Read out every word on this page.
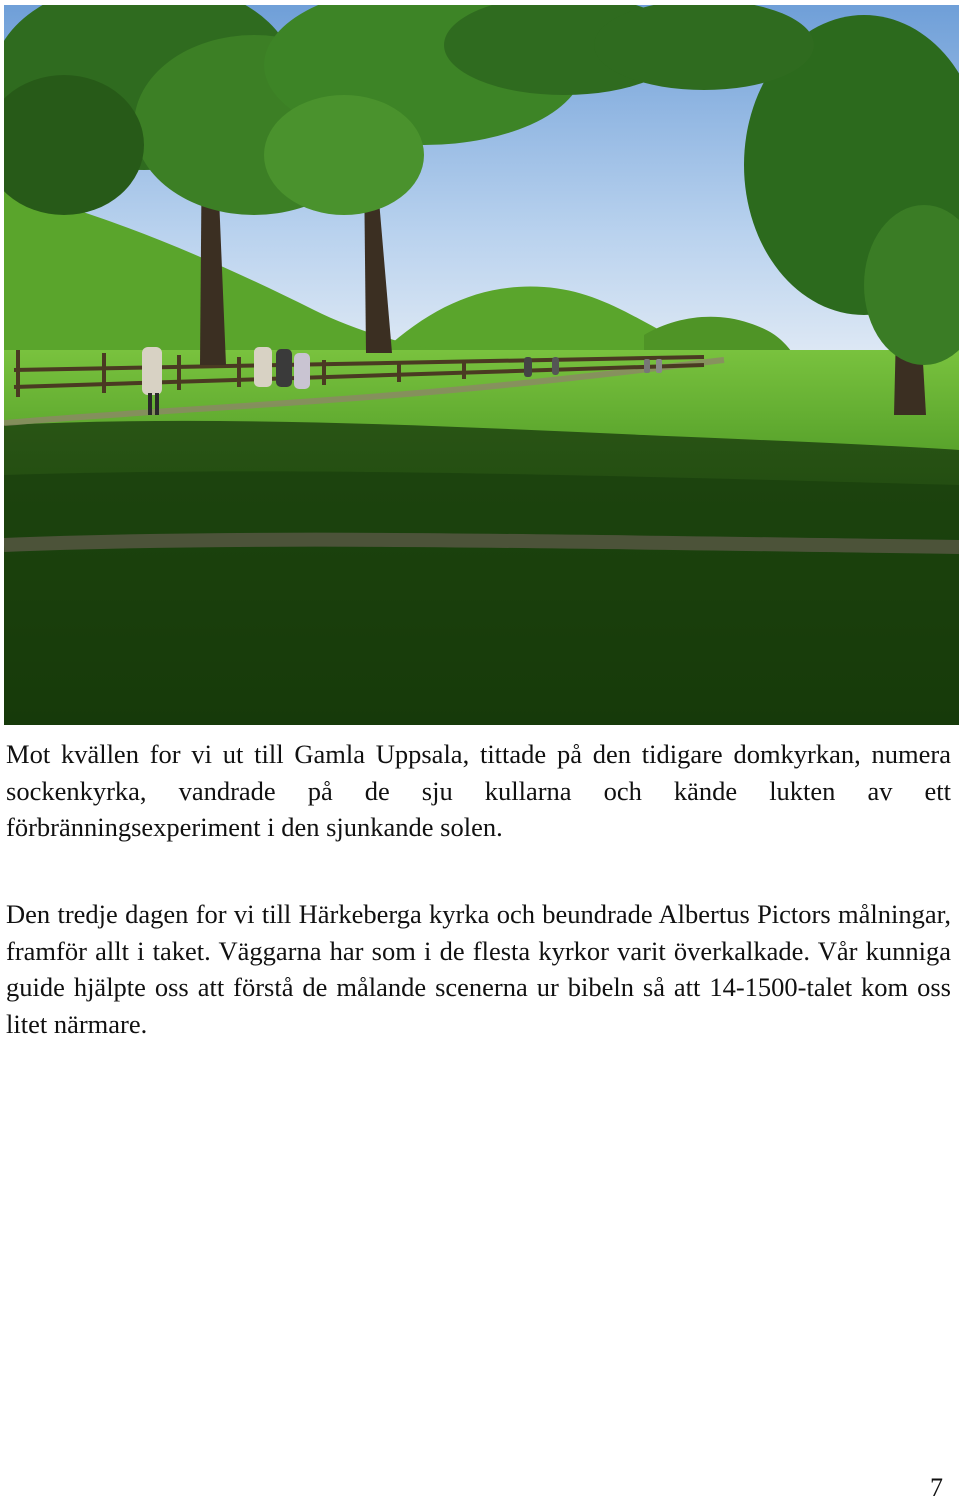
Mot kvällen for vi ut till Gamla Uppsala, tittade på den tidigare domkyrkan, numera sockenkyrka, vandrade på de sju kullarna och kände lukten av ett förbränningsexperiment i den sjunkande solen.

Den tredje dagen for vi till Härkeberga kyrka och beundrade Albertus Pictors målningar, framför allt i taket. Väggarna har som i de flesta kyrkor varit överkalkade. Vår kunniga guide hjälpte oss att förstå de målande scenerna ur bibeln så att 14-1500-talet kom oss litet närmare.

7
